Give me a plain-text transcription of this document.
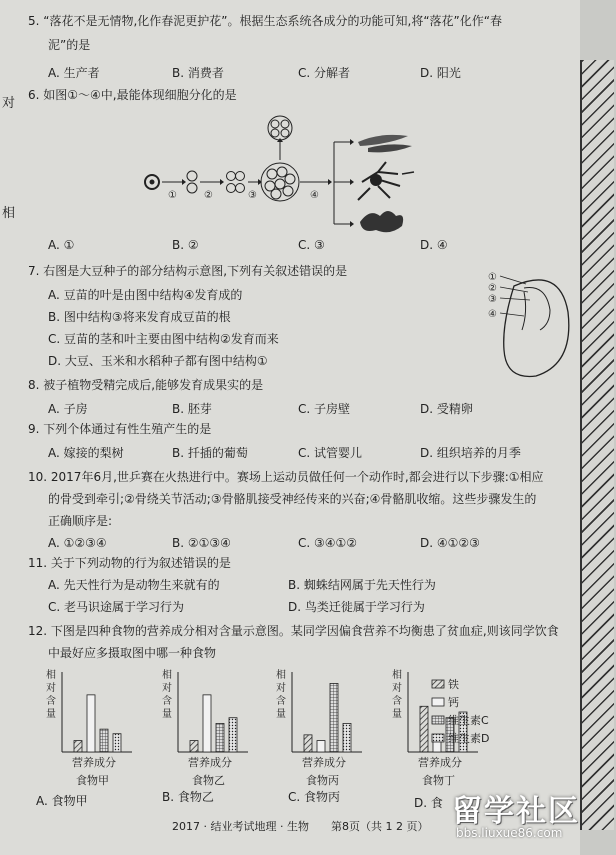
对
相
5. “落花不是无情物,化作春泥更护花”。根据生态系统各成分的功能可知,将“落花”化作“春
泥”的是
A. 生产者	B. 消费者	C. 分解者	D. 阳光
6. 如图①～④中,最能体现细胞分化的是
①	②	③	④
A. ①	B. ②	C. ③	D. ④
7. 右图是大豆种子的部分结构示意图,下列有关叙述错误的是
A. 豆苗的叶是由图中结构④发育成的
B. 图中结构③将来发育成豆苗的根
C. 豆苗的茎和叶主要由图中结构②发育而来
D. 大豆、玉米和水稻种子都有图中结构①
①
②
③
④
8. 被子植物受精完成后,能够发育成果实的是
A. 子房	B. 胚芽	C. 子房壁	D. 受精卵
9. 下列个体通过有性生殖产生的是
A. 嫁接的梨树	B. 扦插的葡萄	C. 试管婴儿	D. 组织培养的月季
10. 2017年6月,世乒赛在火热进行中。赛场上运动员做任何一个动作时,都会进行以下步骤:①相应
的骨受到牵引;②骨绕关节活动;③骨骼肌接受神经传来的兴奋;④骨骼肌收缩。这些步骤发生的
正确顺序是:
A. ①②③④	B. ②①③④	C. ③④①②	D. ④①②③
11. 关于下列动物的行为叙述错误的是
A. 先天性行为是动物生来就有的	B. 蜘蛛结网属于先天性行为
C. 老马识途属于学习行为	D. 鸟类迁徙属于学习行为
12. 下图是四种食物的营养成分相对含量示意图。某同学因偏食营养不均衡患了贫血症,则该同学饮食
中最好应多摄取图中哪一种食物
相
对
含
量
营养成分
食物甲
相
对
含
量
营养成分
食物乙
相
对
含
量
营养成分
食物丙
相
对
含
量
营养成分
食物丁
铁
钙
维生素C
维生素D
A. 食物甲	B. 食物乙	C. 食物丙	D. 食
2017 · 结业考试地理 · 生物　　第8页（共 1 2 页） 留学社区
bbs.liuxue86.com
